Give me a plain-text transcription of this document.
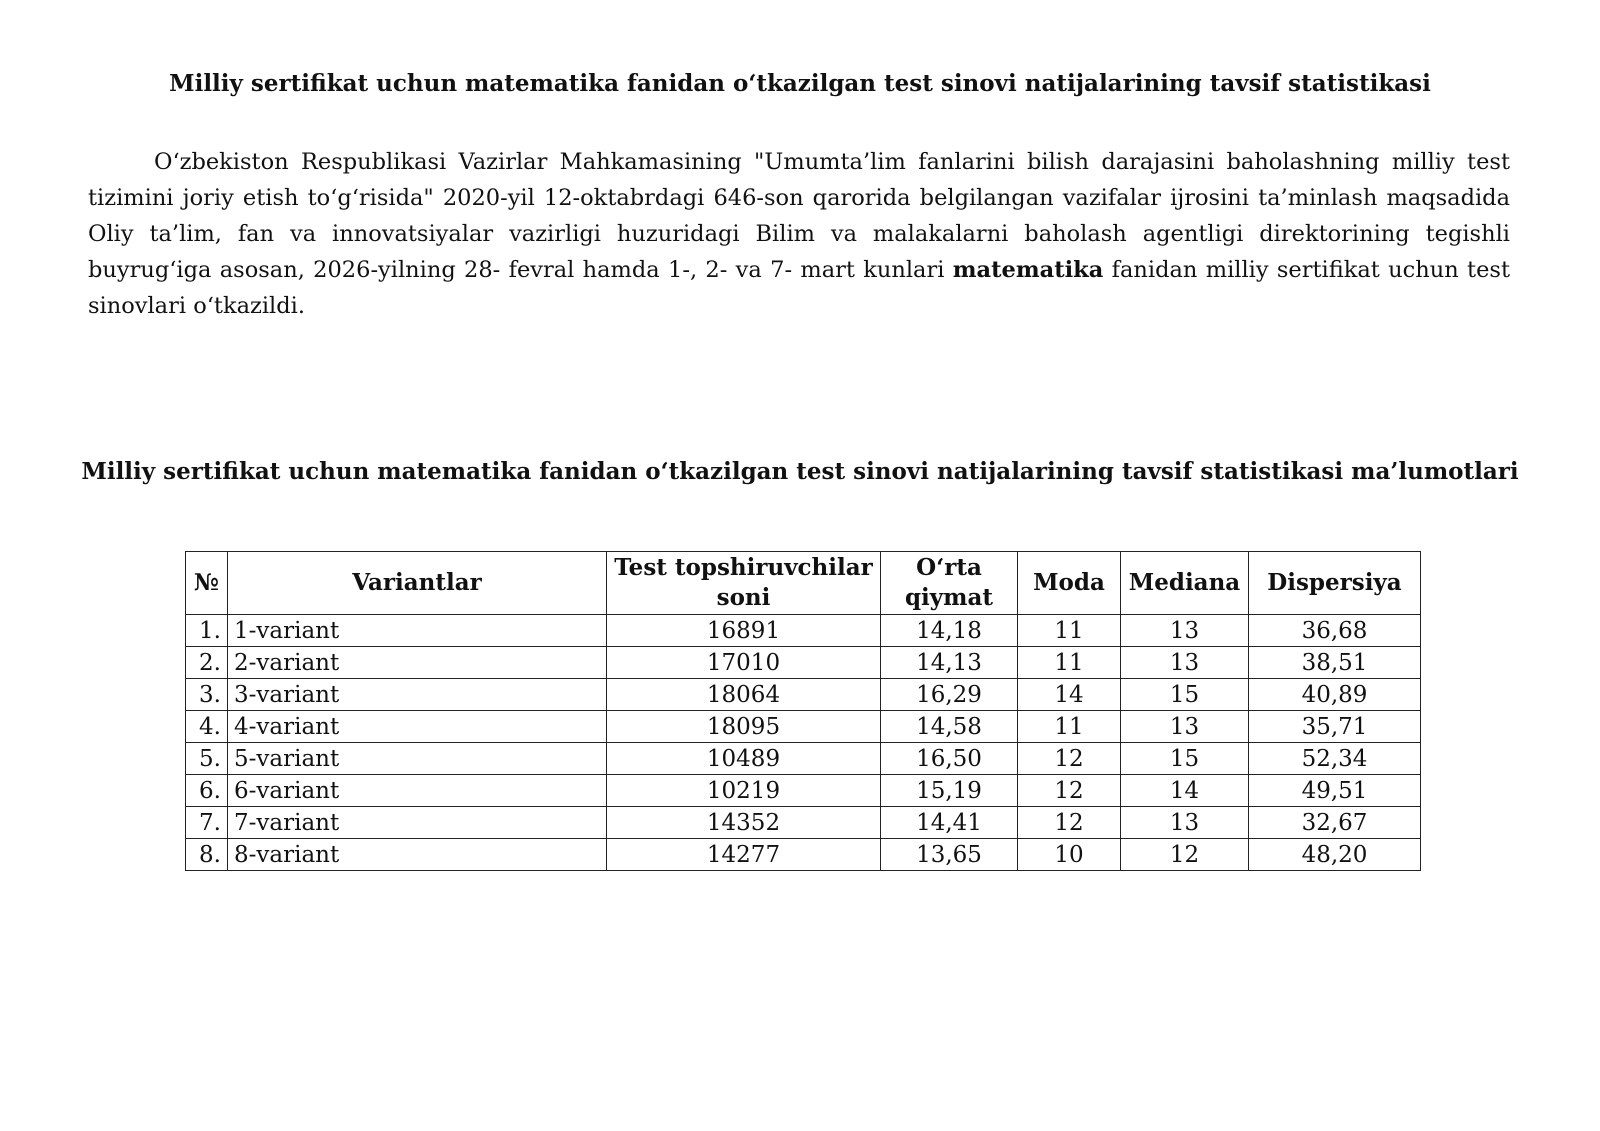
Milliy sertifikat uchun matematika fanidan o‘tkazilgan test sinovi natijalarining tavsif statistikasi

O‘zbekiston Respublikasi Vazirlar Mahkamasining "Umumta’lim fanlarini bilish darajasini baholashning milliy test tizimini joriy etish to‘g‘risida" 2020-yil 12-oktabrdagi 646-son qarorida belgilangan vazifalar ijrosini ta’minlash maqsadida Oliy ta’lim, fan va innovatsiyalar vazirligi huzuridagi Bilim va malakalarni baholash agentligi direktorining tegishli buyrug‘iga asosan, 2026-yilning 28- fevral hamda 1-, 2- va 7- mart kunlari matematika fanidan milliy sertifikat uchun test sinovlari o‘tkazildi.

Milliy sertifikat uchun matematika fanidan o‘tkazilgan test sinovi natijalarining tavsif statistikasi ma’lumotlari
№	Variantlar	Test topshiruvchilar soni	O‘rta qiymat	Moda	Mediana	Dispersiya
1.	1-variant	16891	14,18	11	13	36,68
2.	2-variant	17010	14,13	11	13	38,51
3.	3-variant	18064	16,29	14	15	40,89
4.	4-variant	18095	14,58	11	13	35,71
5.	5-variant	10489	16,50	12	15	52,34
6.	6-variant	10219	15,19	12	14	49,51
7.	7-variant	14352	14,41	12	13	32,67
8.	8-variant	14277	13,65	10	12	48,20
